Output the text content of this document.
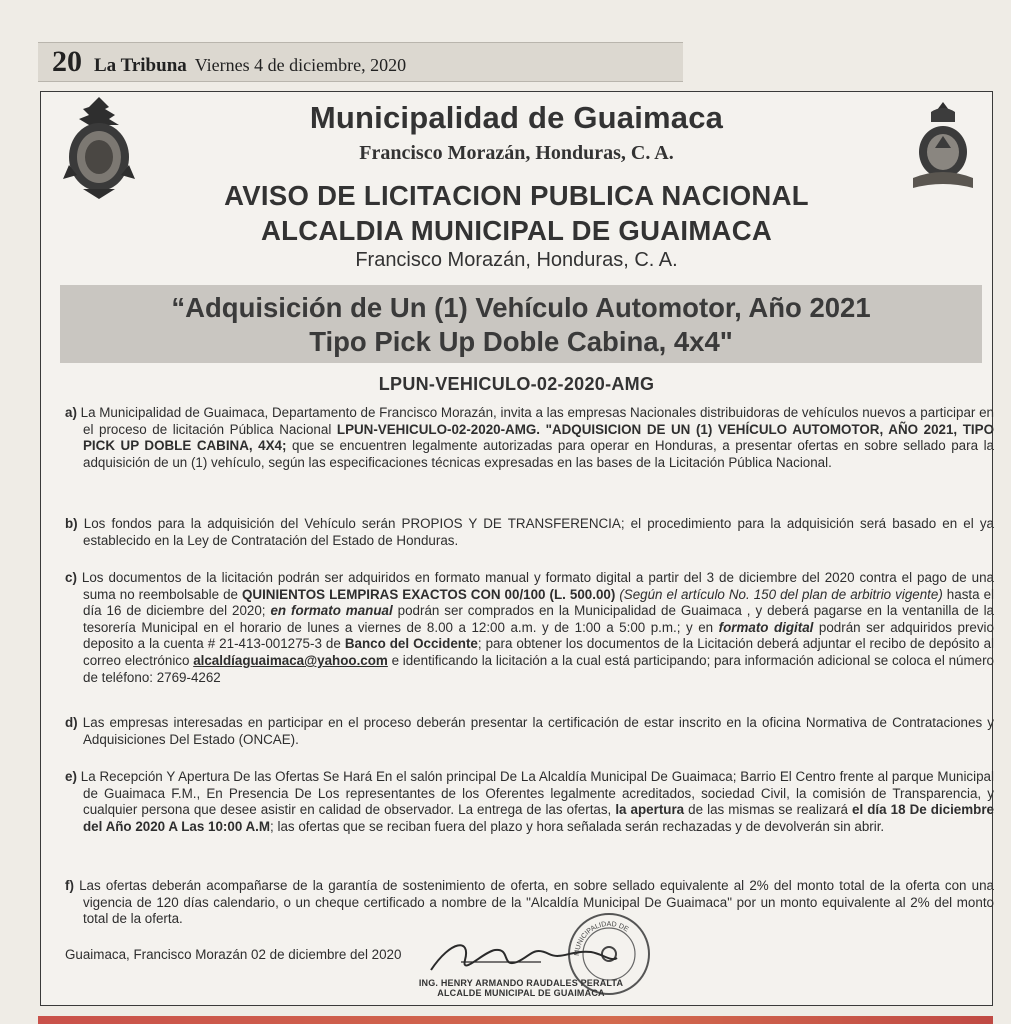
20 La Tribuna Viernes 4 de diciembre, 2020
Municipalidad de Guaimaca
Francisco Morazán, Honduras, C. A.
AVISO DE LICITACION PUBLICA NACIONAL
ALCALDIA MUNICIPAL DE GUAIMACA
Francisco Morazán, Honduras, C. A.
“Adquisición de Un (1) Vehículo Automotor, Año 2021
Tipo Pick Up Doble Cabina, 4x4"
LPUN-VEHICULO-02-2020-AMG
a) La Municipalidad de Guaimaca, Departamento de Francisco Morazán, invita a las empresas Nacionales distribuidoras de vehículos nuevos a participar en el proceso de licitación Pública Nacional LPUN-VEHICULO-02-2020-AMG. "ADQUISICION DE UN (1) VEHÍCULO AUTOMOTOR, AÑO 2021, TIPO PICK UP DOBLE CABINA, 4X4; que se encuentren legalmente autorizadas para operar en Honduras, a presentar ofertas en sobre sellado para la adquisición de un (1) vehículo, según las especificaciones técnicas expresadas en las bases de la Licitación Pública Nacional.
b) Los fondos para la adquisición del Vehículo serán PROPIOS Y DE TRANSFERENCIA; el procedimiento para la adquisición será basado en el ya establecido en la Ley de Contratación del Estado de Honduras.
c) Los documentos de la licitación podrán ser adquiridos en formato manual y formato digital a partir del 3 de diciembre del 2020 contra el pago de una suma no reembolsable de QUINIENTOS LEMPIRAS EXACTOS CON 00/100 (L. 500.00) (Según el artículo No. 150 del plan de arbitrio vigente) hasta el día 16 de diciembre del 2020; en formato manual podrán ser comprados en la Municipalidad de Guaimaca , y deberá pagarse en la ventanilla de la tesorería Municipal en el horario de lunes a viernes de 8.00 a 12:00 a.m. y de 1:00 a 5:00 p.m.; y en formato digital podrán ser adquiridos previo deposito a la cuenta # 21-413-001275-3 de Banco del Occidente; para obtener los documentos de la Licitación deberá adjuntar el recibo de depósito al correo electrónico alcaldíaguaimaca@yahoo.com e identificando la licitación a la cual está participando; para información adicional se coloca el número de teléfono: 2769-4262
d) Las empresas interesadas en participar en el proceso deberán presentar la certificación de estar inscrito en la oficina Normativa de Contrataciones y Adquisiciones Del Estado (ONCAE).
e) La Recepción Y Apertura De las Ofertas Se Hará En el salón principal De La Alcaldía Municipal De Guaimaca; Barrio El Centro frente al parque Municipal de Guaimaca F.M., En Presencia De Los representantes de los Oferentes legalmente acreditados, sociedad Civil, la comisión de Transparencia, y cualquier persona que desee asistir en calidad de observador. La entrega de las ofertas, la apertura de las mismas se realizará el día 18 De diciembre del Año 2020 A Las 10:00 A.M; las ofertas que se reciban fuera del plazo y hora señalada serán rechazadas y de devolverán sin abrir.
f) Las ofertas deberán acompañarse de la garantía de sostenimiento de oferta, en sobre sellado equivalente al 2% del monto total de la oferta con una vigencia de 120 días calendario, o un cheque certificado a nombre de la "Alcaldía Municipal De Guaimaca" por un monto equivalente al 2% del monto total de la oferta.
Guaimaca, Francisco Morazán 02 de diciembre del 2020	MUNICIPALIDAD DE
ING. HENRY ARMANDO RAUDALES PERALTA
ALCALDE MUNICIPAL DE GUAIMACA
